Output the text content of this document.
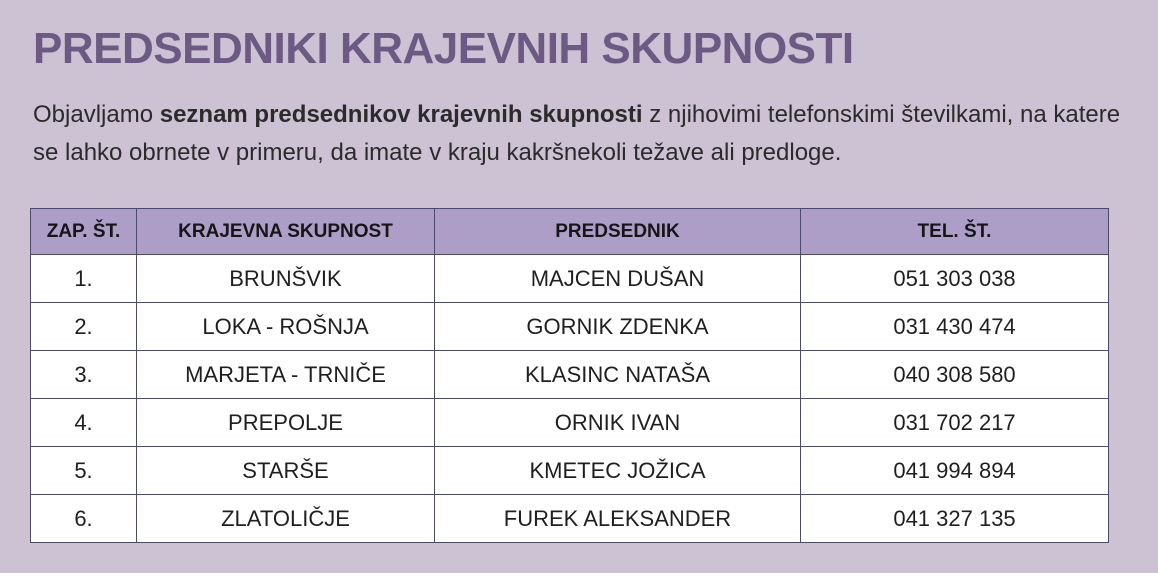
PREDSEDNIKI KRAJEVNIH SKUPNOSTI

Objavljamo seznam predsednikov krajevnih skupnosti z njihovimi telefonskimi številkami, na katere se lahko obrnete v primeru, da imate v kraju kakršnekoli težave ali predloge.

ZAP. ŠT.	KRAJEVNA SKUPNOST	PREDSEDNIK	TEL. ŠT.
1.	BRUNŠVIK	MAJCEN DUŠAN	051 303 038
2.	LOKA - ROŠNJA	GORNIK ZDENKA	031 430 474
3.	MARJETA - TRNIČE	KLASINC NATAŠA	040 308 580
4.	PREPOLJE	ORNIK IVAN	031 702 217
5.	STARŠE	KMETEC JOŽICA	041 994 894
6.	ZLATOLIČJE	FUREK ALEKSANDER	041 327 135
